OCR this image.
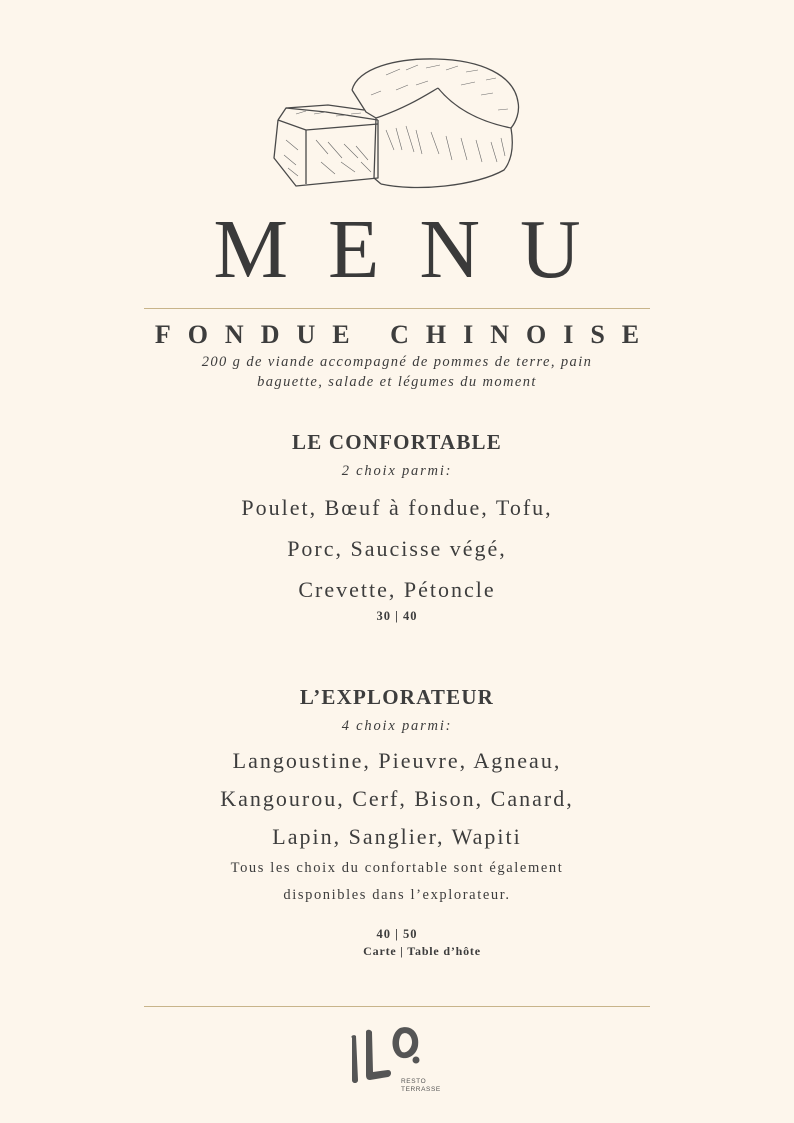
MENU
FONDUE CHINOISE
200 g de viande accompagné de pommes de terre, pain
baguette, salade et légumes du moment
LE CONFORTABLE
2 choix parmi:
Poulet, Bœuf à fondue, Tofu,
Porc, Saucisse végé,
Crevette, Pétoncle
30 | 40
L’EXPLORATEUR
4 choix parmi:
Langoustine, Pieuvre, Agneau,
Kangourou, Cerf, Bison, Canard,
Lapin, Sanglier, Wapiti
Tous les choix du confortable sont également
disponibles dans l’explorateur.
40 | 50
Carte | Table d’hôte
RESTO
TERRASSE
